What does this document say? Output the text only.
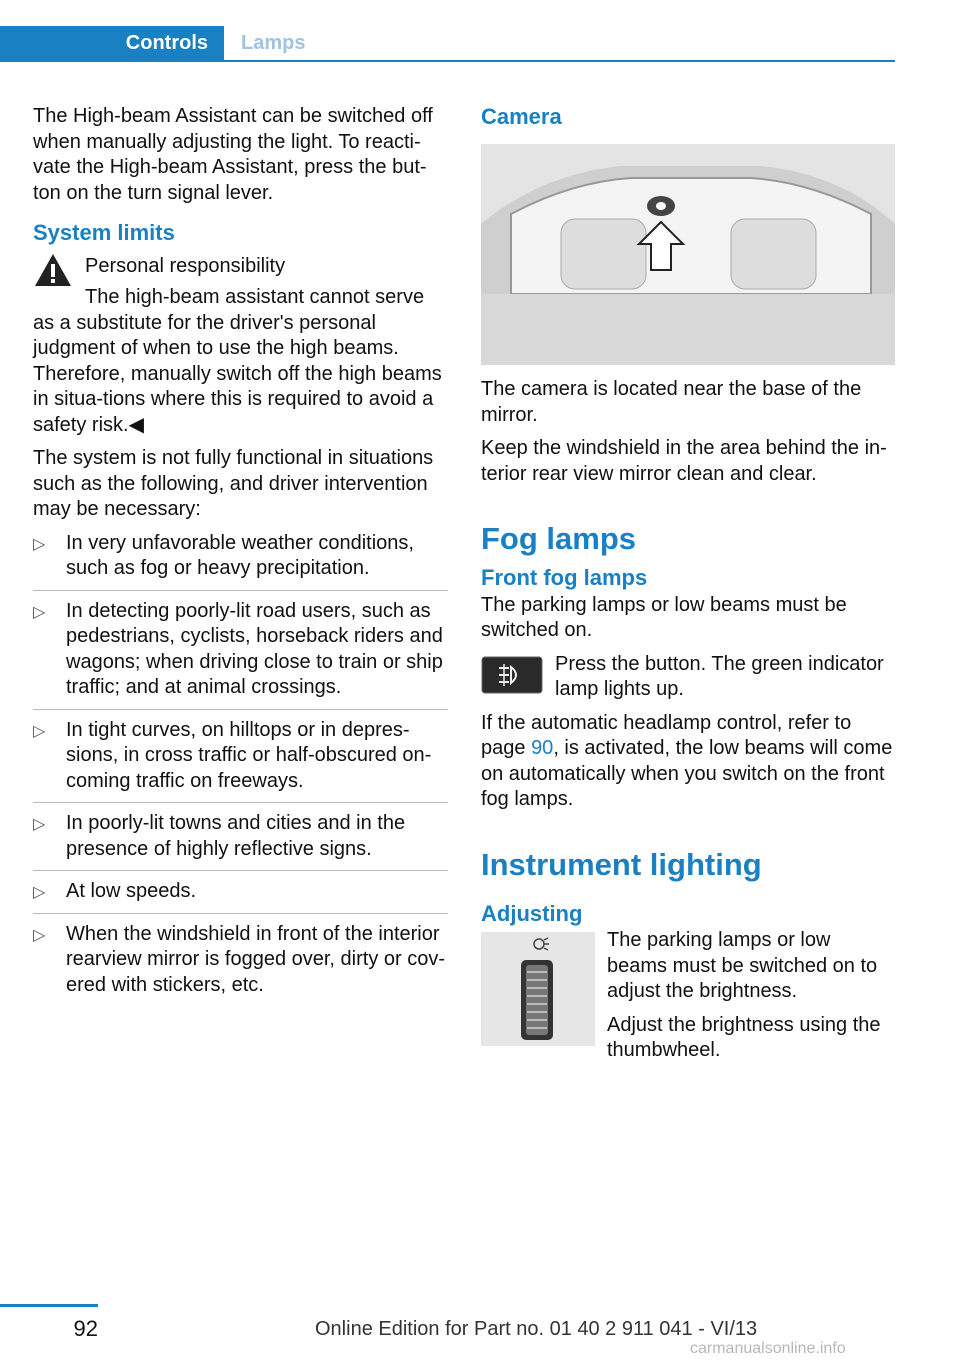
Controls	Lamps

The High-beam Assistant can be switched off when manually adjusting the light. To reacti‐vate the High-beam Assistant, press the but‐ton on the turn signal lever.

System limits

Personal responsibility

The high-beam assistant cannot serve as a substitute for the driver's personal judgment of when to use the high beams. Therefore, manually switch off the high beams in situa‐tions where this is required to avoid a safety risk.◀

The system is not fully functional in situations such as the following, and driver intervention may be necessary:

▷ In very unfavorable weather conditions, such as fog or heavy precipitation.
▷ In detecting poorly-lit road users, such as pedestrians, cyclists, horseback riders and wagons; when driving close to train or ship traffic; and at animal crossings.
▷ In tight curves, on hilltops or in depres‐sions, in cross traffic or half-obscured on‐coming traffic on freeways.
▷ In poorly-lit towns and cities and in the presence of highly reflective signs.
▷ At low speeds.
▷ When the windshield in front of the interior rearview mirror is fogged over, dirty or cov‐ered with stickers, etc.
Camera

The camera is located near the base of the mirror.

Keep the windshield in the area behind the in‐terior rear view mirror clean and clear.

Fog lamps
Front fog lamps

The parking lamps or low beams must be switched on.

Press the button. The green indicator lamp lights up.

If the automatic headlamp control, refer to page 90, is activated, the low beams will come on automatically when you switch on the front fog lamps.

Instrument lighting
Adjusting

The parking lamps or low beams must be switched on to adjust the brightness.

Adjust the brightness using the thumbwheel.

92	Online Edition for Part no. 01 40 2 911 041 - VI/13
carmanualsonline.info
